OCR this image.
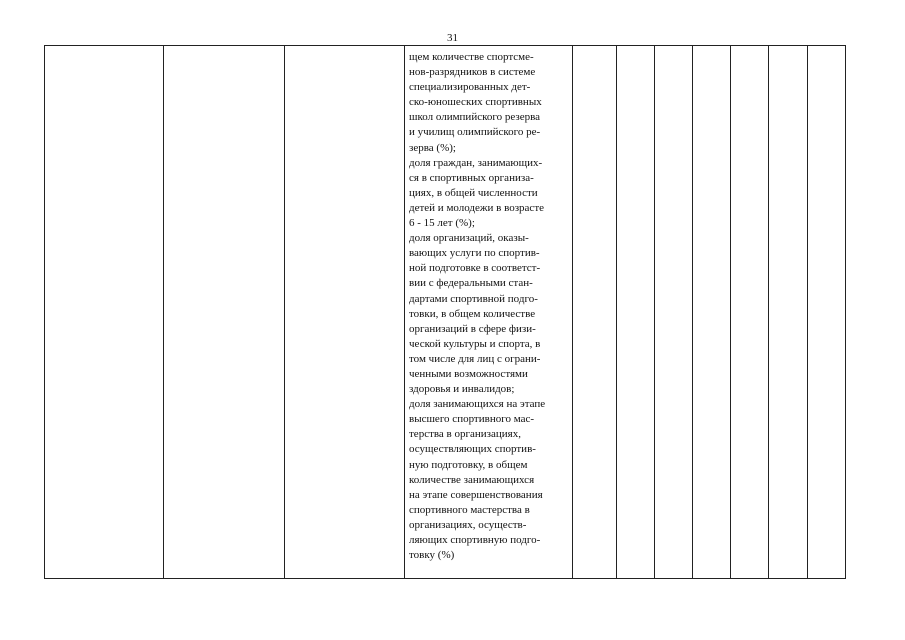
31
			щем количестве спортсме-
нов-разрядников в системе
специализированных дет-
ско-юношеских спортивных
школ олимпийского резерва
и училищ олимпийского ре-
зерва (%);
доля граждан, занимающих-
ся в спортивных организа-
циях, в общей численности
детей и молодежи в возрасте
6 - 15 лет (%);
доля организаций, оказы-
вающих услуги по спортив-
ной подготовке в соответст-
вии с федеральными стан-
дартами спортивной подго-
товки, в общем количестве
организаций в сфере физи-
ческой культуры и спорта, в
том числе для лиц с ограни-
ченными возможностями
здоровья и инвалидов;
доля занимающихся на этапе
высшего спортивного мас-
терства в организациях,
осуществляющих спортив-
ную подготовку, в общем
количестве занимающихся
на этапе совершенствования
спортивного мастерства в
организациях, осуществ-
ляющих спортивную подго-
товку (%)							
